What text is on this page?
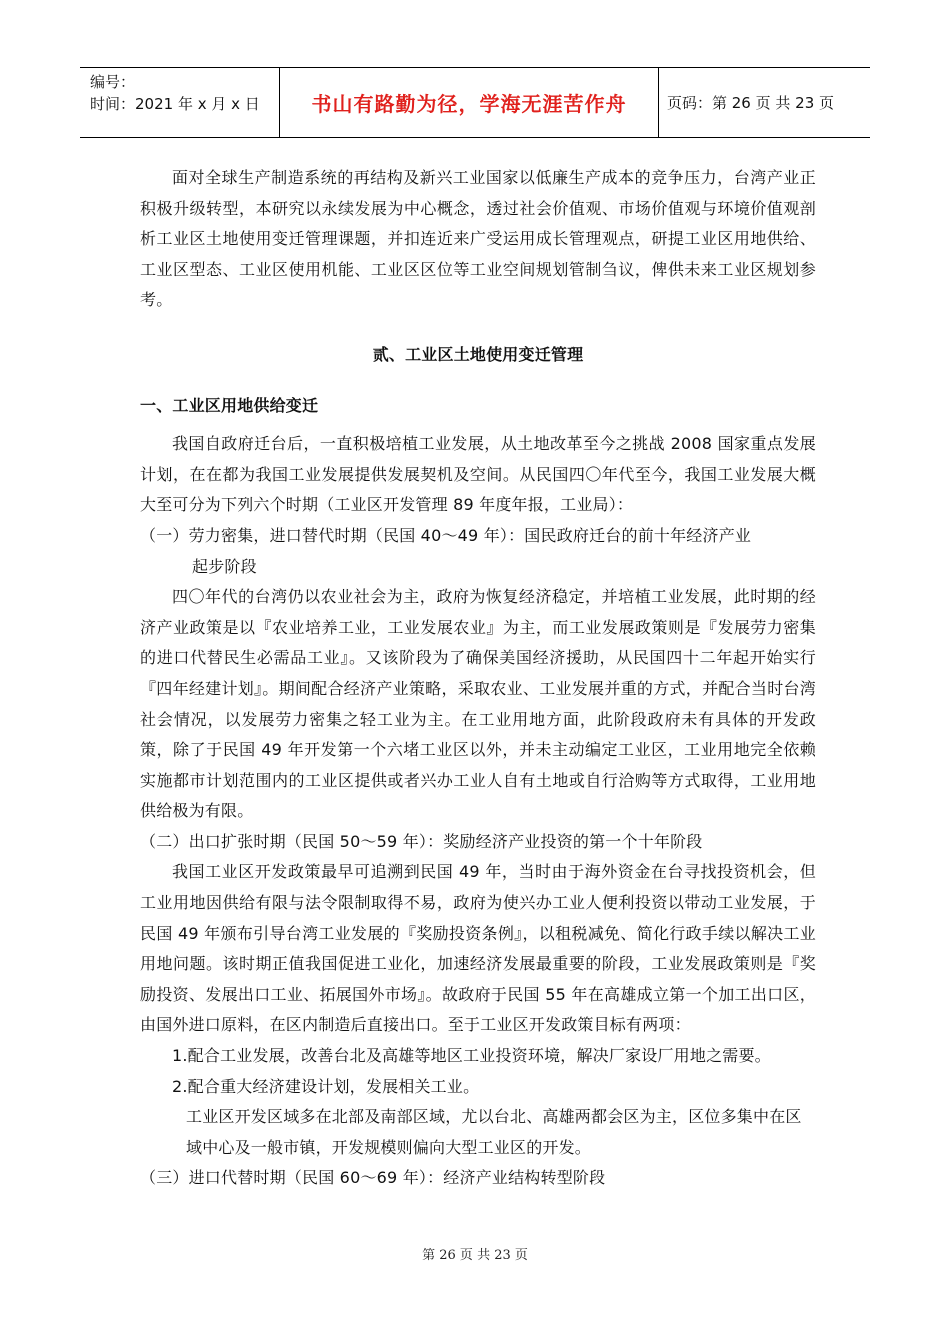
编号：
时间：2021 年 x 月 x 日	书山有路勤为径，学海无涯苦作舟	页码：第 26 页 共 23 页

面对全球生产制造系统的再结构及新兴工业国家以低廉生产成本的竞争压力，台湾产业正积极升级转型，本研究以永续发展为中心概念，透过社会价值观、市场价值观与环境价值观剖析工业区土地使用变迁管理课题，并扣连近来广受运用成长管理观点，研提工业区用地供给、工业区型态、工业区使用机能、工业区区位等工业空间规划管制刍议，俾供未来工业区规划参考。

贰、工业区土地使用变迁管理

一、工业区用地供给变迁

我国自政府迁台后，一直积极培植工业发展，从土地改革至今之挑战 2008 国家重点发展计划，在在都为我国工业发展提供发展契机及空间。从民国四〇年代至今，我国工业发展大概大至可分为下列六个时期（工业区开发管理 89 年度年报，工业局）：

（一）劳力密集，进口替代时期（民国 40～49 年）：国民政府迁台的前十年经济产业

起步阶段

四〇年代的台湾仍以农业社会为主，政府为恢复经济稳定，并培植工业发展，此时期的经济产业政策是以『农业培养工业，工业发展农业』为主，而工业发展政策则是『发展劳力密集的进口代替民生必需品工业』。又该阶段为了确保美国经济援助，从民国四十二年起开始实行『四年经建计划』。期间配合经济产业策略，采取农业、工业发展并重的方式，并配合当时台湾社会情况，以发展劳力密集之轻工业为主。在工业用地方面，此阶段政府未有具体的开发政策，除了于民国 49 年开发第一个六堵工业区以外，并未主动编定工业区，工业用地完全依赖实施都市计划范围内的工业区提供或者兴办工业人自有土地或自行洽购等方式取得，工业用地供给极为有限。

（二）出口扩张时期（民国 50～59 年）：奖励经济产业投资的第一个十年阶段

我国工业区开发政策最早可追溯到民国 49 年，当时由于海外资金在台寻找投资机会，但工业用地因供给有限与法令限制取得不易，政府为使兴办工业人便利投资以带动工业发展，于民国 49 年颁布引导台湾工业发展的『奖励投资条例』，以租税减免、简化行政手续以解决工业用地问题。该时期正值我国促进工业化，加速经济发展最重要的阶段，工业发展政策则是『奖励投资、发展出口工业、拓展国外市场』。故政府于民国 55 年在高雄成立第一个加工出口区，由国外进口原料，在区内制造后直接出口。至于工业区开发政策目标有两项：

1.配合工业发展，改善台北及高雄等地区工业投资环境，解决厂家设厂用地之需要。

2.配合重大经济建设计划，发展相关工业。

工业区开发区域多在北部及南部区域，尤以台北、高雄两都会区为主，区位多集中在区域中心及一般市镇，开发规模则偏向大型工业区的开发。

（三）进口代替时期（民国 60～69 年）：经济产业结构转型阶段

第 26 页 共 23 页
